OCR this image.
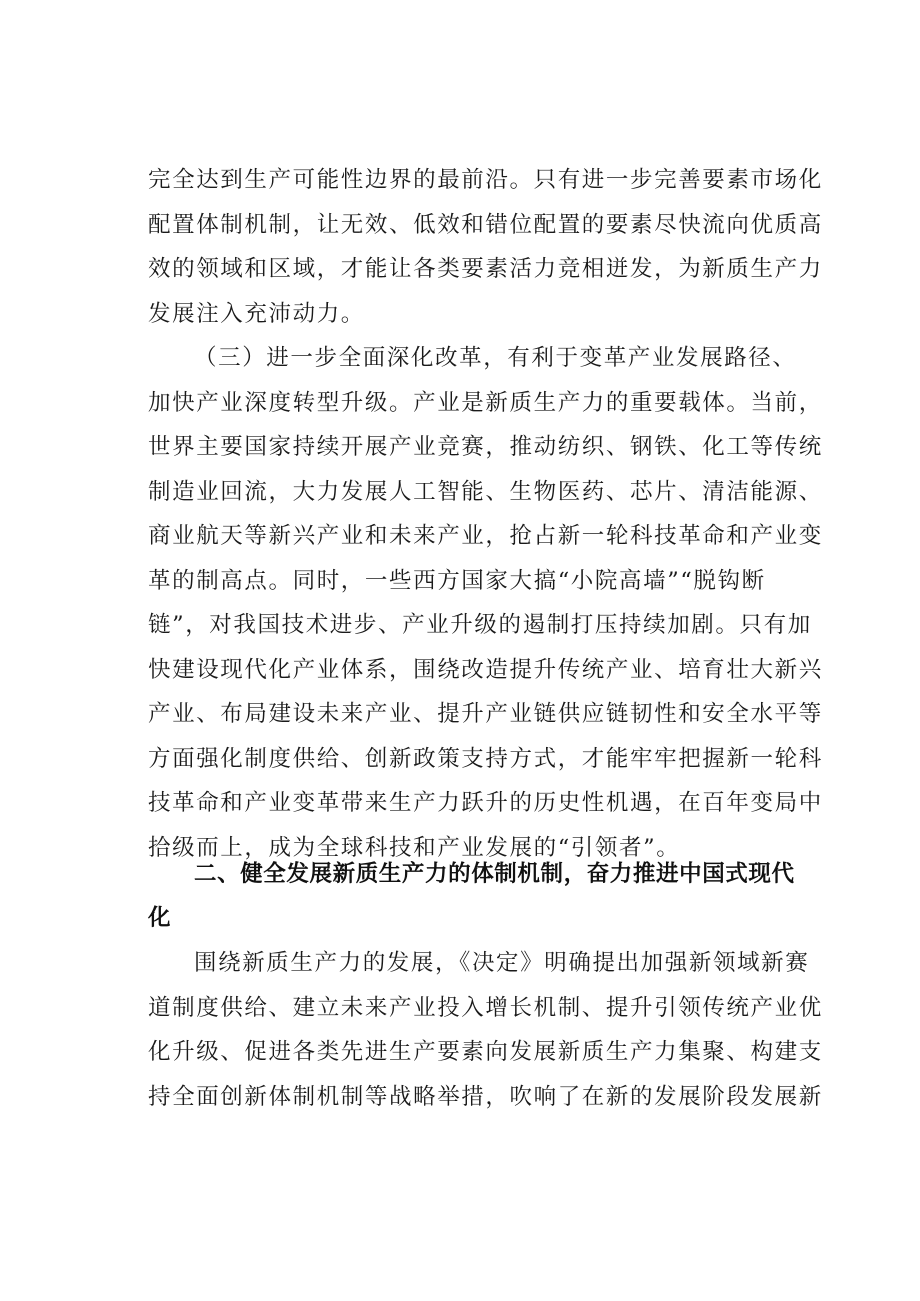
完全达到生产可能性边界的最前沿。只有进一步完善要素市场化
配置体制机制，让无效、低效和错位配置的要素尽快流向优质高
效的领域和区域，才能让各类要素活力竞相迸发，为新质生产力
发展注入充沛动力。
（三）进一步全面深化改革，有利于变革产业发展路径、
加快产业深度转型升级。产业是新质生产力的重要载体。当前，
世界主要国家持续开展产业竞赛，推动纺织、钢铁、化工等传统
制造业回流，大力发展人工智能、生物医药、芯片、清洁能源、
商业航天等新兴产业和未来产业，抢占新一轮科技革命和产业变
革的制高点。同时，一些西方国家大搞“小院高墙”“脱钩断
链”，对我国技术进步、产业升级的遏制打压持续加剧。只有加
快建设现代化产业体系，围绕改造提升传统产业、培育壮大新兴
产业、布局建设未来产业、提升产业链供应链韧性和安全水平等
方面强化制度供给、创新政策支持方式，才能牢牢把握新一轮科
技革命和产业变革带来生产力跃升的历史性机遇，在百年变局中
拾级而上，成为全球科技和产业发展的“引领者”。
二、健全发展新质生产力的体制机制，奋力推进中国式现代
化
围绕新质生产力的发展，《决定》明确提出加强新领域新赛
道制度供给、建立未来产业投入增长机制、提升引领传统产业优
化升级、促进各类先进生产要素向发展新质生产力集聚、构建支
持全面创新体制机制等战略举措，吹响了在新的发展阶段发展新
